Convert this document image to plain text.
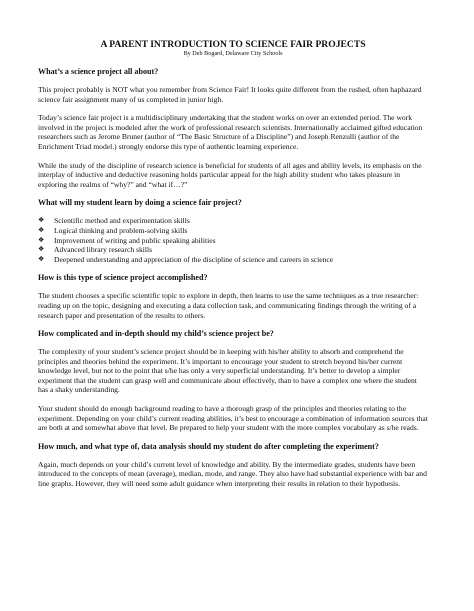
A PARENT INTRODUCTION TO SCIENCE FAIR PROJECTS
By Deb Bogard, Delaware City Schools
What’s a science project all about?

This project probably is NOT what you remember from Science Fair! It looks quite different from the rushed, often haphazard science fair assignment many of us completed in junior high.

Today’s science fair project is a multidisciplinary undertaking that the student works on over an extended period. The work involved in the project is modeled after the work of professional research scientists. Internationally acclaimed gifted education researchers such as Jerome Bruner (author of “The Basic Structure of a Discipline”) and Joseph Renzulli (author of the Enrichment Triad model.) strongly endorse this type of authentic learning experience.

While the study of the discipline of research science is beneficial for students of all ages and ability levels, its emphasis on the interplay of inductive and deductive reasoning holds particular appeal for the high ability student who takes pleasure in exploring the realms of “why?” and “what if…?”

What will my student learn by doing a science fair project?
❖	Scientific method and experimentation skills
❖	Logical thinking and problem-solving skills
❖	Improvement of writing and public speaking abilities
❖	Advanced library research skills
❖	Deepened understanding and appreciation of the discipline of science and careers in science
How is this type of science project accomplished?

The student chooses a specific scientific topic to explore in depth, then learns to use the same techniques as a true researcher: reading up on the topic, designing and executing a data collection task, and communicating findings through the writing of a research paper and presentation of the results to others.

How complicated and in-depth should my child’s science project be?

The complexity of your student’s science project should be in keeping with his/her ability to absorb and comprehend the principles and theories behind the experiment. It’s important to encourage your student to stretch beyond his/her current knowledge level, but not to the point that s/he has only a very superficial understanding. It’s better to develop a simpler experiment that the student can grasp well and communicate about effectively, than to have a complex one where the student has a shaky understanding.

Your student should do enough background reading to have a thorough grasp of the principles and theories relating to the experiment. Depending on your child’s current reading abilities, it’s best to encourage a combination of information sources that are both at and somewhat above that level. Be prepared to help your student with the more complex vocabulary as s/he reads.

How much, and what type of, data analysis should my student do after completing the experiment?

Again, much depends on your child’s current level of knowledge and ability. By the intermediate grades, students have been introduced to the concepts of mean (average), median, mode, and range. They also have had substantial experience with bar and line graphs. However, they will need some adult guidance when interpreting their results in relation to their hypothesis.
